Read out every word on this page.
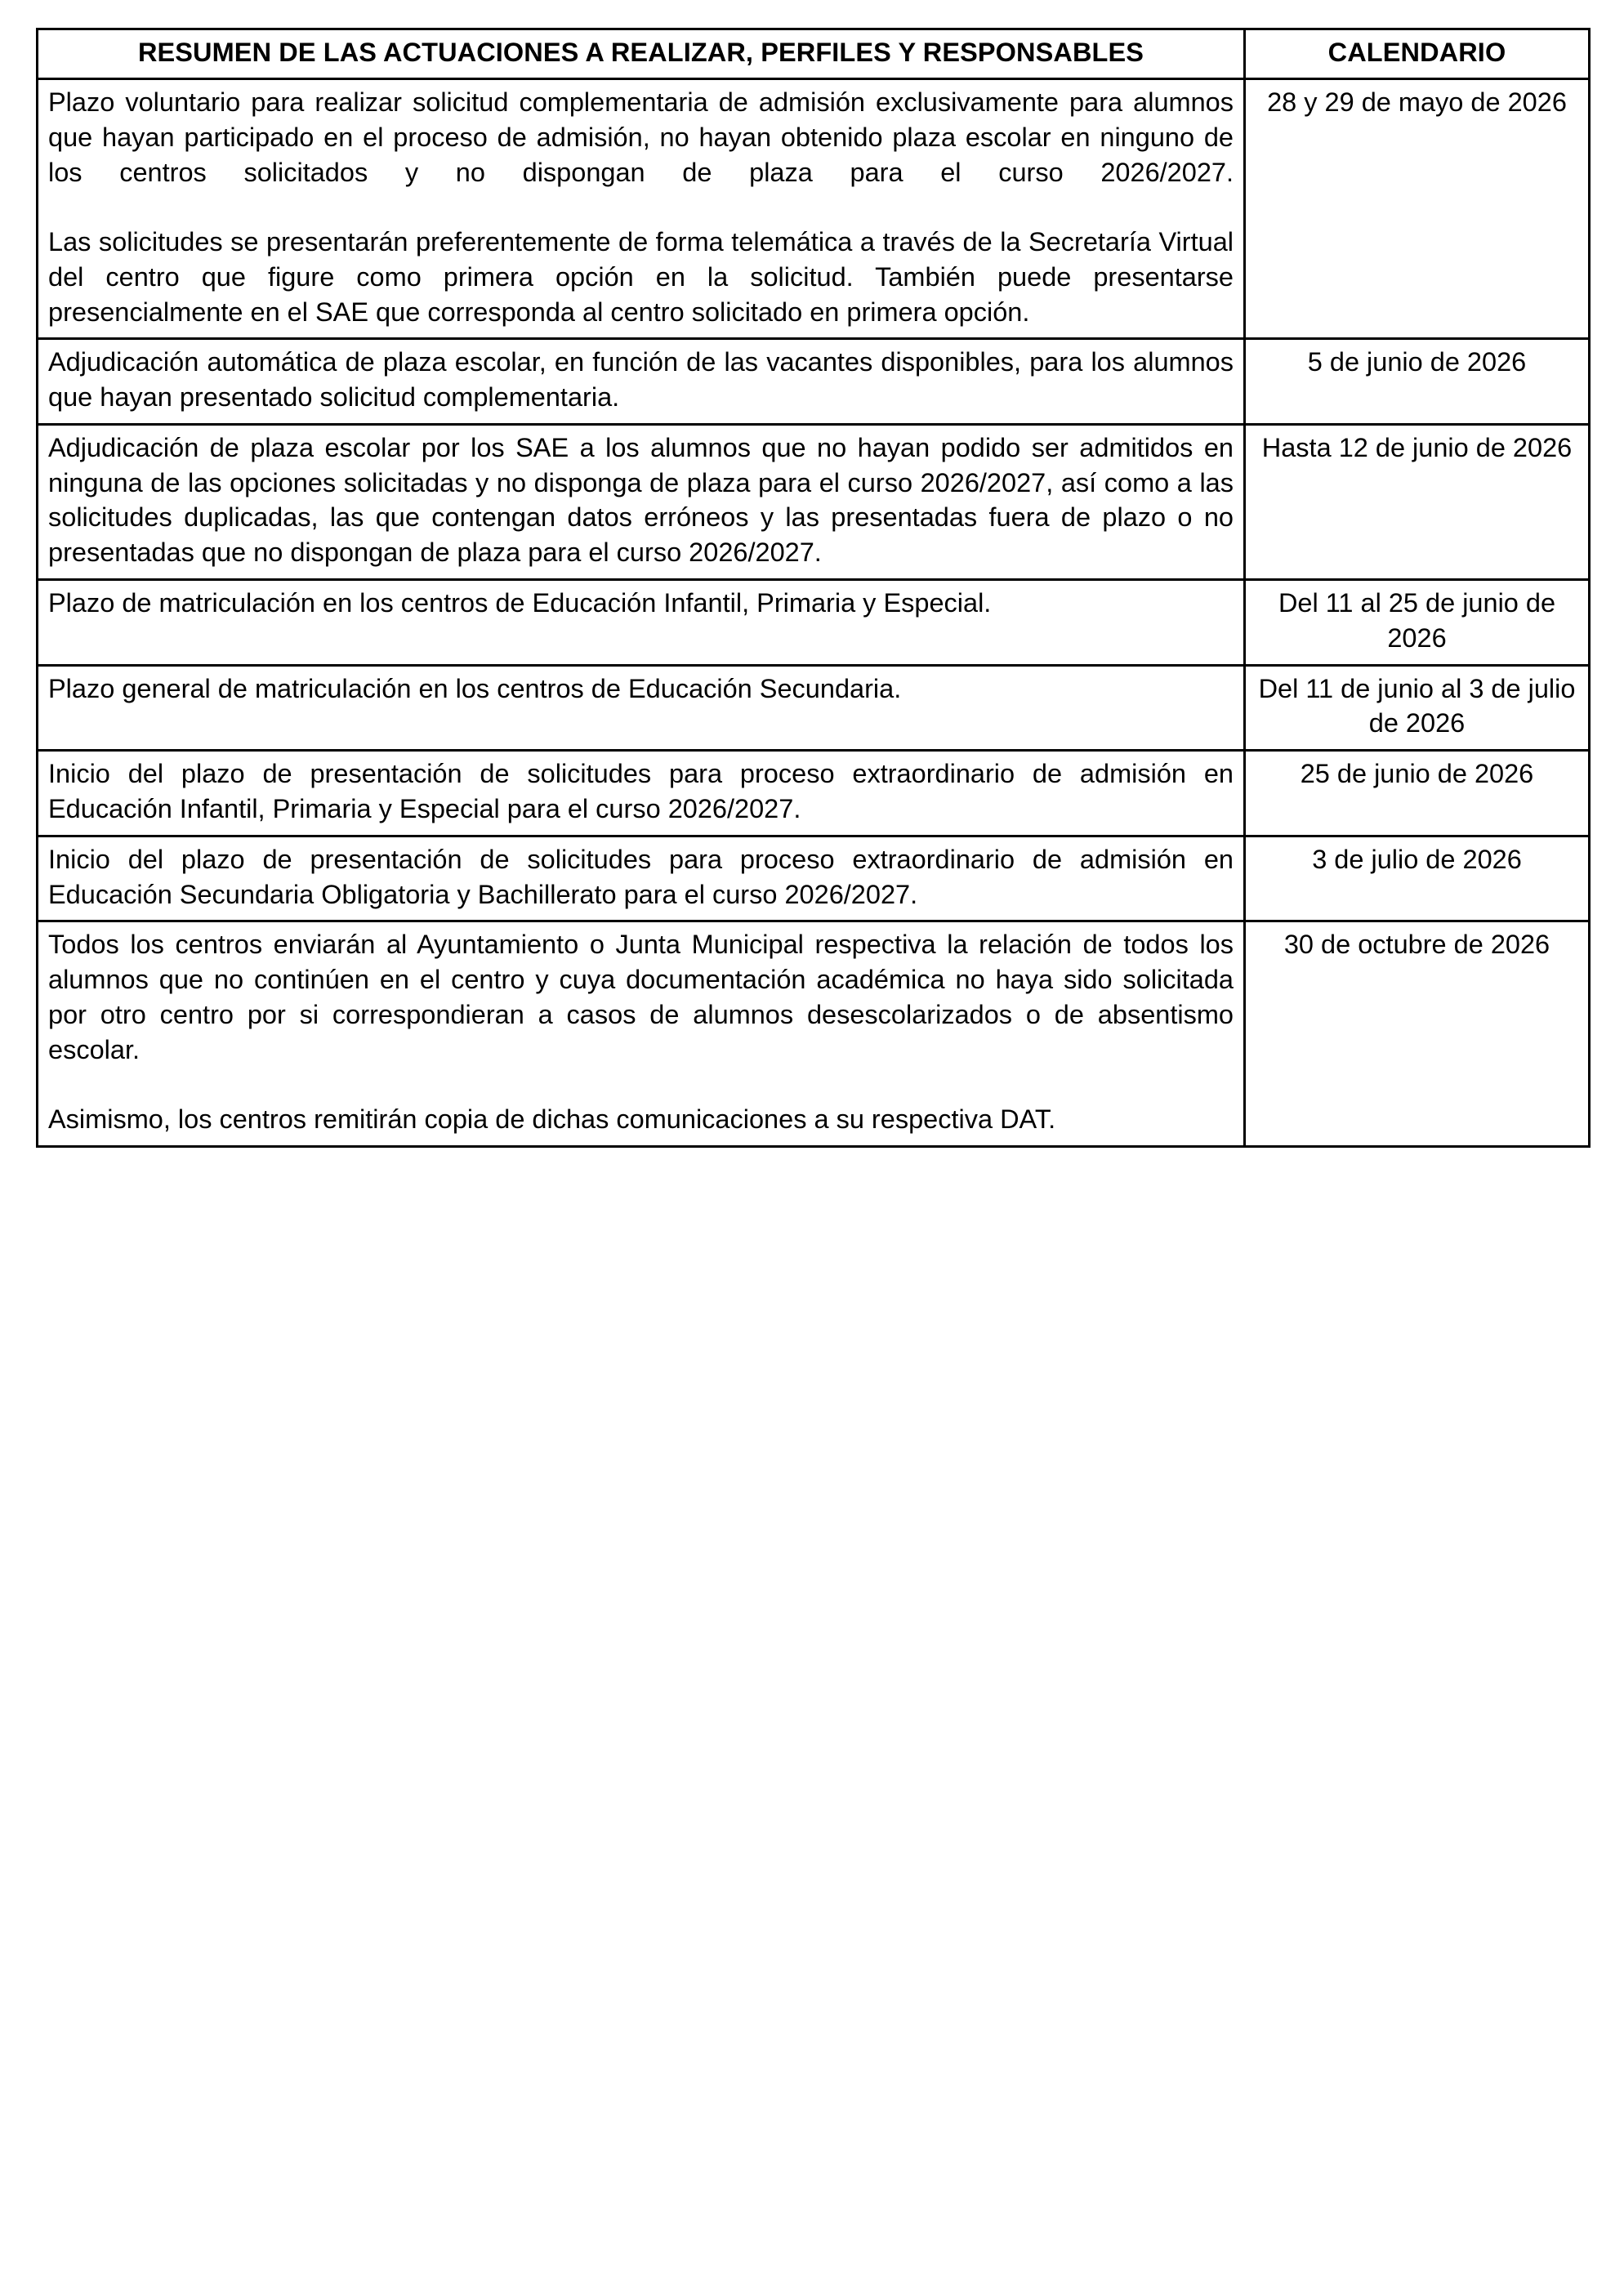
RESUMEN DE LAS ACTUACIONES A REALIZAR, PERFILES Y RESPONSABLES	CALENDARIO

Plazo voluntario para realizar solicitud complementaria de admisión exclusivamente para alumnos que hayan participado en el proceso de admisión, no hayan obtenido plaza escolar en ninguno de los centros solicitados y no dispongan de plaza para el curso 2026/2027.

Las solicitudes se presentarán preferentemente de forma telemática a través de la Secretaría Virtual del centro que figure como primera opción en la solicitud. También puede presentarse presencialmente en el SAE que corresponda al centro solicitado en primera opción.	28 y 29 de mayo de 2026

Adjudicación automática de plaza escolar, en función de las vacantes disponibles, para los alumnos que hayan presentado solicitud complementaria.	5 de junio de 2026

Adjudicación de plaza escolar por los SAE a los alumnos que no hayan podido ser admitidos en ninguna de las opciones solicitadas y no disponga de plaza para el curso 2026/2027, así como a las solicitudes duplicadas, las que contengan datos erróneos y las presentadas fuera de plazo o no presentadas que no dispongan de plaza para el curso 2026/2027.	Hasta 12 de junio de 2026

Plazo de matriculación en los centros de Educación Infantil, Primaria y Especial.	Del 11 al 25 de junio de 2026

Plazo general de matriculación en los centros de Educación Secundaria.	Del 11 de junio al 3 de julio de 2026

Inicio del plazo de presentación de solicitudes para proceso extraordinario de admisión en Educación Infantil, Primaria y Especial para el curso 2026/2027.	25 de junio de 2026

Inicio del plazo de presentación de solicitudes para proceso extraordinario de admisión en Educación Secundaria Obligatoria y Bachillerato para el curso 2026/2027.	3 de julio de 2026

Todos los centros enviarán al Ayuntamiento o Junta Municipal respectiva la relación de todos los alumnos que no continúen en el centro y cuya documentación académica no haya sido solicitada por otro centro por si correspondieran a casos de alumnos desescolarizados o de absentismo escolar.

Asimismo, los centros remitirán copia de dichas comunicaciones a su respectiva DAT.	30 de octubre de 2026
